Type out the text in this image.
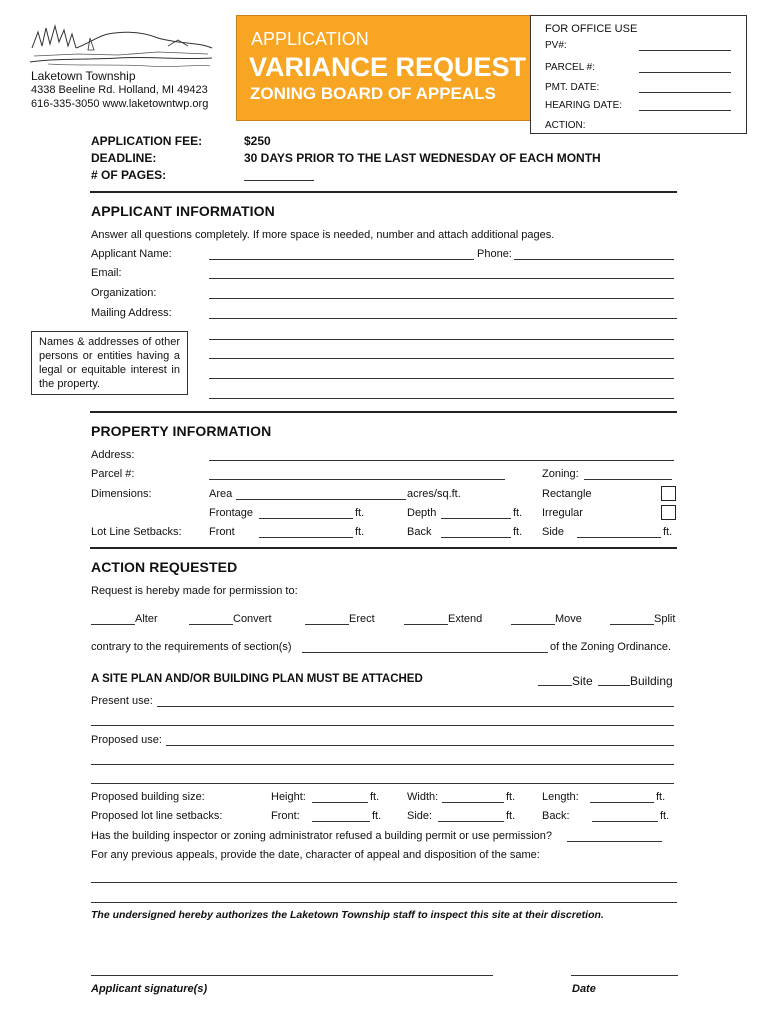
Laketown Township
4338 Beeline Rd. Holland, MI 49423
616-335-3050 www.laketowntwp.org
APPLICATION
VARIANCE REQUEST
ZONING BOARD OF APPEALS
FOR OFFICE USE
PV#:
PARCEL #:
PMT. DATE:
HEARING DATE:
ACTION:
APPLICATION FEE:	$250
DEADLINE:	30 DAYS PRIOR TO THE LAST WEDNESDAY OF EACH MONTH
# OF PAGES:
APPLICANT INFORMATION
Answer all questions completely. If more space is needed, number and attach additional pages.
Applicant Name:	Phone:
Email:
Organization:
Mailing Address:
Names & addresses of other persons or entities having a legal or equitable interest in the property.
PROPERTY INFORMATION
Address:
Parcel #:	Zoning:
Dimensions:	Area	acres/sq.ft.	Rectangle
Frontage	ft.	Depth	ft. Irregular
Lot Line Setbacks: Front	ft.	Back	ft. Side	ft.
ACTION REQUESTED
Request is hereby made for permission to:
Alter	Convert	Erect	Extend	Move	Split
contrary to the requirements of section(s)	of the Zoning Ordinance.
A SITE PLAN AND/OR BUILDING PLAN MUST BE ATTACHED	Site	Building
Present use:
Proposed use:
Proposed building size:	Height:	ft.	Width:	ft. Length:	ft.
Proposed lot line setbacks:	Front:	ft. Side:	ft. Back:	ft.
Has the building inspector or zoning administrator refused a building permit or use permission?
For any previous appeals, provide the date, character of appeal and disposition of the same:
The undersigned hereby authorizes the Laketown Township staff to inspect this site at their discretion.
Applicant signature(s)	Date
